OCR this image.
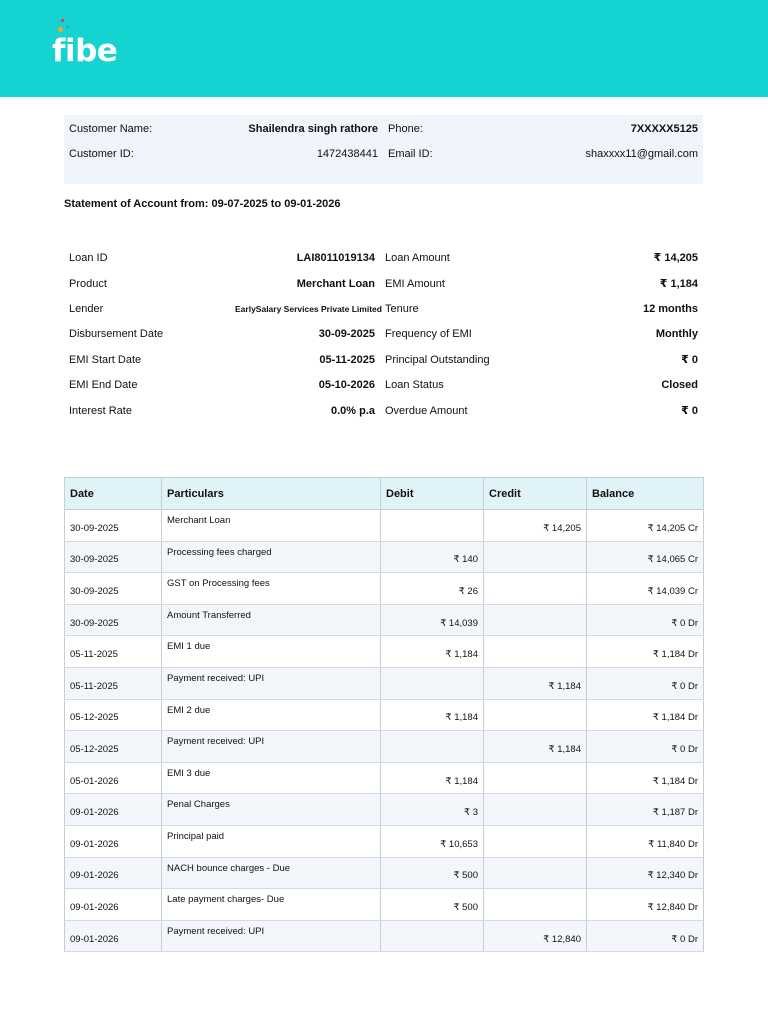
fibe
Customer Name:	Shailendra singh rathore Phone:	7XXXXX5125
Customer ID:	1472438441 Email ID:	shaxxxx11@gmail.com
Statement of Account from: 09-07-2025 to 09-01-2026
Loan ID	LAI8011019134 Loan Amount	₹ 14,205
Product	Merchant Loan EMI Amount	₹ 1,184
Lender	EarlySalary Services Private Limited Tenure	12 months
Disbursement Date	30-09-2025 Frequency of EMI	Monthly
EMI Start Date	05-11-2025 Principal Outstanding	₹ 0
EMI End Date	05-10-2026 Loan Status	Closed
Interest Rate	0.0% p.a Overdue Amount	₹ 0
Date	Particulars	Debit	Credit	Balance
30-09-2025	Merchant Loan		₹ 14,205	₹ 14,205 Cr
30-09-2025	Processing fees charged	₹ 140		₹ 14,065 Cr
30-09-2025	GST on Processing fees	₹ 26		₹ 14,039 Cr
30-09-2025	Amount Transferred	₹ 14,039		₹ 0 Dr
05-11-2025	EMI 1 due	₹ 1,184		₹ 1,184 Dr
05-11-2025	Payment received: UPI		₹ 1,184	₹ 0 Dr
05-12-2025	EMI 2 due	₹ 1,184		₹ 1,184 Dr
05-12-2025	Payment received: UPI		₹ 1,184	₹ 0 Dr
05-01-2026	EMI 3 due	₹ 1,184		₹ 1,184 Dr
09-01-2026	Penal Charges	₹ 3		₹ 1,187 Dr
09-01-2026	Principal paid	₹ 10,653		₹ 11,840 Dr
09-01-2026	NACH bounce charges - Due	₹ 500		₹ 12,340 Dr
09-01-2026	Late payment charges- Due	₹ 500		₹ 12,840 Dr
09-01-2026	Payment received: UPI		₹ 12,840	₹ 0 Dr
